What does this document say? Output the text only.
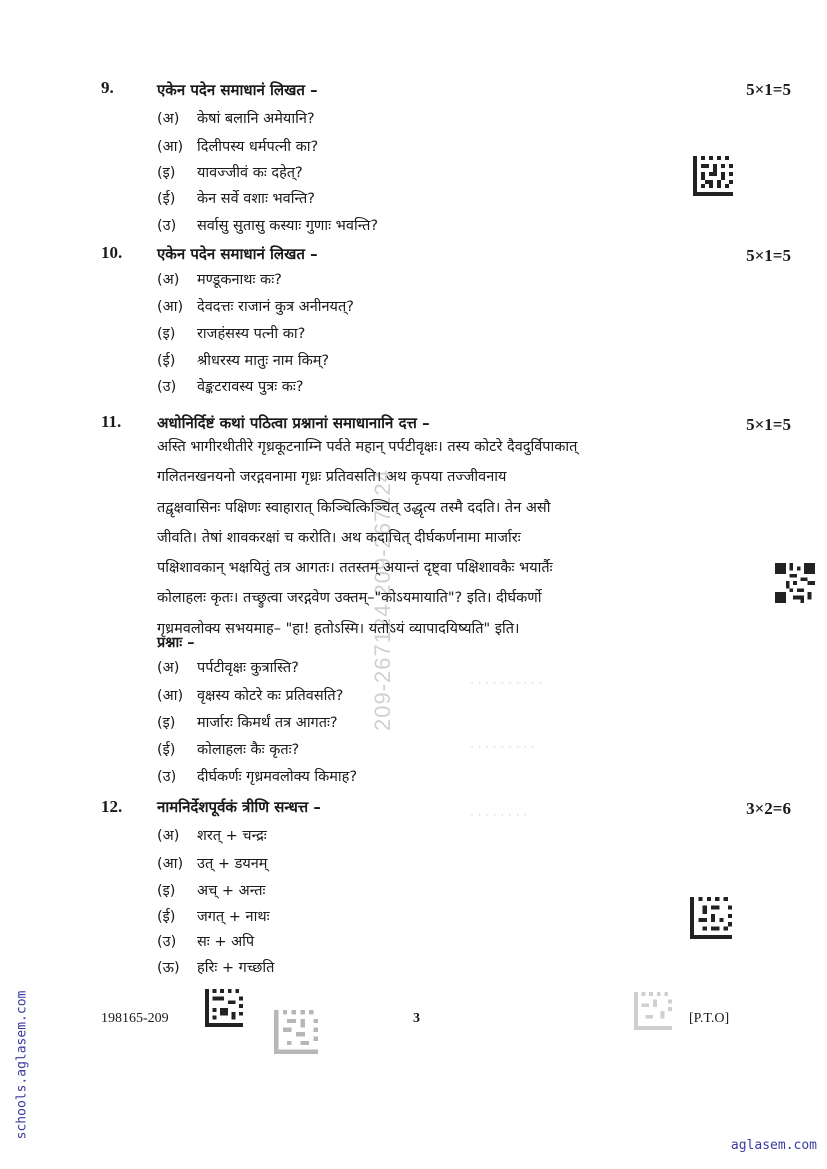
209-267124 209-267124
9.	एकेन पदेन समाधानं लिखत –	5×1=5
(अ) केषां बलानि अमेयानि?
(आ) दिलीपस्य धर्मपत्नी का?
(इ) यावज्जीवं कः दहेत्?
(ई) केन सर्वे वशाः भवन्ति?
(उ) सर्वासु सुतासु कस्याः गुणाः भवन्ति?
10. एकेन पदेन समाधानं लिखत –	5×1=5
(अ) मण्डूकनाथः कः?
(आ) देवदत्तः राजानं कुत्र अनीनयत्?
(इ) राजहंसस्य पत्नी का?
(ई) श्रीधरस्य मातुः नाम किम्?
(उ) वेङ्कटरावस्य पुत्रः कः?
11. अधोनिर्दिष्टं कथां पठित्वा प्रश्नानां समाधानानि दत्त –	5×1=5
अस्ति भागीरथीतीरे गृध्रकूटनाम्नि पर्वते महान् पर्पटीवृक्षः। तस्य कोटरे दैवदुर्विपाकात्
गलितनखनयनो जरद्गवनामा गृध्रः प्रतिवसति। अथ कृपया तज्जीवनाय
तद्वृक्षवासिनः पक्षिणः स्वाहारात् किञ्चित्किञ्चित् उद्धृत्य तस्मै ददति। तेन असौ
जीवति। तेषां शावकरक्षां च करोति। अथ कदाचित् दीर्घकर्णनामा मार्जारः
पक्षिशावकान् भक्षयितुं तत्र आगतः। ततस्तम् अयान्तं दृष्ट्वा पक्षिशावकैः भयार्तैः
कोलाहलः कृतः। तच्छ्रुत्वा जरद्गवेण उक्तम्–"कोऽयमायाति"? इति। दीर्घकर्णो
गृध्रमवलोक्य सभयमाह– "हा! हतोऽस्मि। यतोऽयं व्यापादयिष्यति" इति।
प्रश्नाः –
(अ) पर्पटीवृक्षः कुत्रास्ति?
(आ) वृक्षस्य कोटरे कः प्रतिवसति?
(इ) मार्जारः किमर्थं तत्र आगतः?
(ई) कोलाहलः कैः कृतः?
(उ) दीर्घकर्णः गृध्रमवलोक्य किमाह?
12. नामनिर्देशपूर्वकं त्रीणि सन्धत्त –	3×2=6
(अ) शरत् + चन्द्रः
(आ) उत् + डयनम्
(इ) अच् + अन्तः
(ई) जगत् + नाथः
(उ) सः + अपि
(ऊ) हरिः + गच्छति
· · · · · · · · · ·
· · · · · · · · ·
· · · · · · · ·
198165-209	3	[P.T.O]
schools.aglasem.com
aglasem.com
